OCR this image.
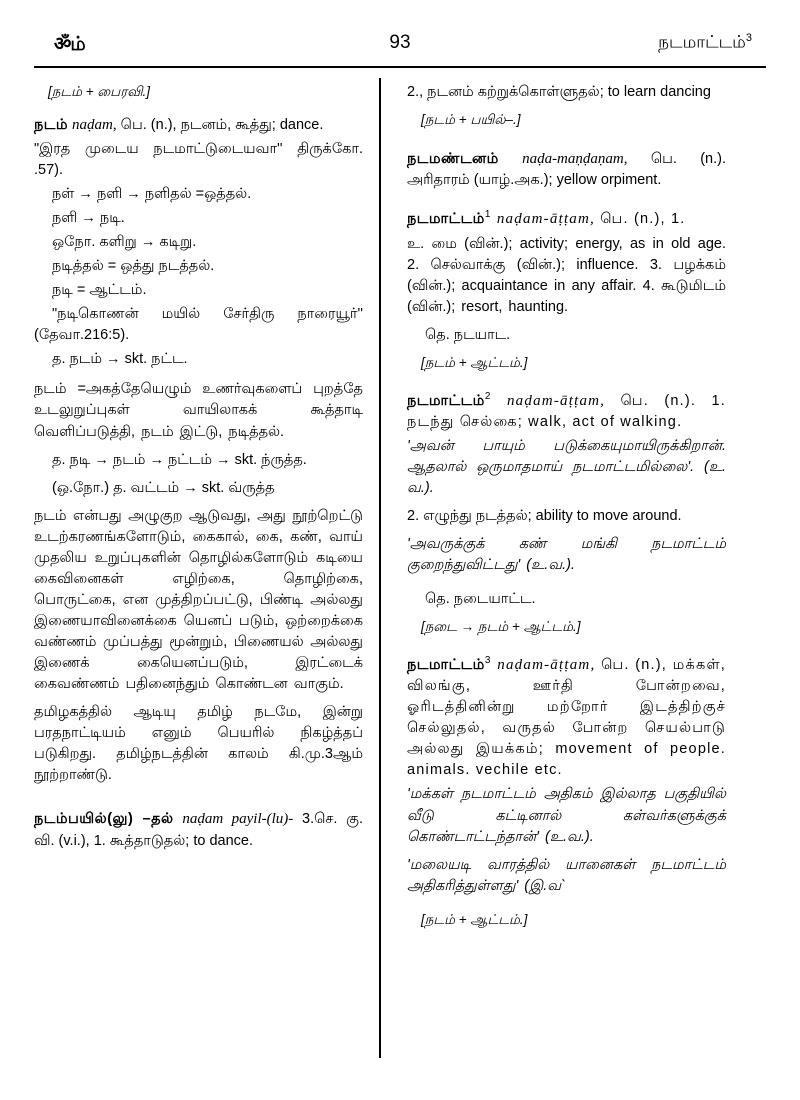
ॐம்	93	நடமாட்டம்$^3$

[நடம் + பைரவி.]

நடம் naḍam, பெ. (n.), நடனம், கூத்து; dance.

"இரத முடைய நடமாட்டுடையவா'' திருக்கோ. .57).

நள் → நளி → நளிதல் =ஒத்தல்.

நளி → நடி.

ஒநோ. களிறு → கடிறு.

நடித்தல் = ஒத்து நடத்தல்.

நடி = ஆட்டம்.

"நடிகொணன் மயில் சேர்திரு நாரையூர்'' (தேவா.216:5).

த. நடம் → skt. நட்ட.

நடம் =அகத்தேயெழும் உணர்வுகளைப் புறத்தே உடலுறுப்புகள் வாயிலாகக் கூத்தாடி வெளிப்படுத்தி, நடம் இட்டு, நடித்தல்.

த. நடி → நடம் → நட்டம் → skt. ந்ருத்த.

(ஒ.நோ.) த. வட்டம் → skt. வ்ருத்த

நடம் என்பது அழுகுற ஆடுவது, அது நூற்றெட்டு உடற்கரணங்களோடும், கைகால், கை, கண், வாய் முதலிய உறுப்புகளின் தொழில்களோடும் கடியை கைவினைகள் எழிற்கை, தொழிற்கை, பொருட்கை, என முத்திறப்பட்டு, பிண்டி அல்லது இணையாவினைக்கை யெனப் படும், ஒற்றைக்கை வண்ணம் முப்பத்து மூன்றும், பிணையல் அல்லது இணைக் கையெனப்படும், இரட்டைக் கைவண்ணம் பதினைந்தும் கொண்டன வாகும்.

தமிழகத்தில் ஆடியு தமிழ் நடமே, இன்று பரதநாட்டியம் எனும் பெயரில் நிகழ்த்தப் படுகிறது. தமிழ்நடத்தின் காலம் கி.மு.3ஆம் நூற்றாண்டு.

நடம்பயில்(லு) –தல் naḍam payil-(lu)- 3.செ. கு. வி. (v.i.), 1. கூத்தாடுதல்; to dance.

2., நடனம் கற்றுக்கொள்ளுதல்; to learn dancing

[நடம் + பயில்–.]

நடமண்டனம் naḍa-maṇḍaṇam, பெ. (n.). அரிதாரம் (யாழ்.அக.); yellow orpiment.

நடமாட்டம்$^1$ naḍam-āṭṭam, பெ. (n.), 1.

உ. மை (வின்.); activity; energy, as in old age. 2. செல்வாக்கு (வின்.); influence. 3. பழக்கம் (வின்.); acquaintance in any affair. 4. கூடுமிடம் (வின்.); resort, haunting.

தெ. நடயாட.

[நடம் + ஆட்டம்.]

நடமாட்டம்$^2$ naḍam-āṭṭam, பெ. (n.). 1. நடந்து செல்கை; walk, act of walking.

'அவன் பாயும் படுக்கையுமாயிருக்கிறான். ஆதலால் ஒருமாதமாய் நடமாட்டமில்லை'. (உ. வ.).

2. எழுந்து நடத்தல்; ability to move around.

'அவருக்குக் கண் மங்கி நடமாட்டம் குறைந்துவிட்டது' (உ.வ.).

தெ. நடையாட்ட.

[நடை → நடம் + ஆட்டம்.]

நடமாட்டம்$^3$ naḍam-āṭṭam, பெ. (n.), மக்கள், விலங்கு, ஊர்தி போன்றவை, ஓரிடத்தினின்று மற்றோர் இடத்திற்குச் செல்லுதல், வருதல் போன்ற செயல்பாடு அல்லது இயக்கம்; movement of people. animals. vechile etc.

'மக்கள் நடமாட்டம் அதிகம் இல்லாத பகுதியில் வீடு கட்டினால் கள்வர்களுக்குக் கொண்டாட்டந்தான்' (உ.வ.).

'மலையடி வாரத்தில் யானைகள் நடமாட்டம் அதிகரித்துள்ளது' (இ.வ`

[நடம் + ஆட்டம்.]
